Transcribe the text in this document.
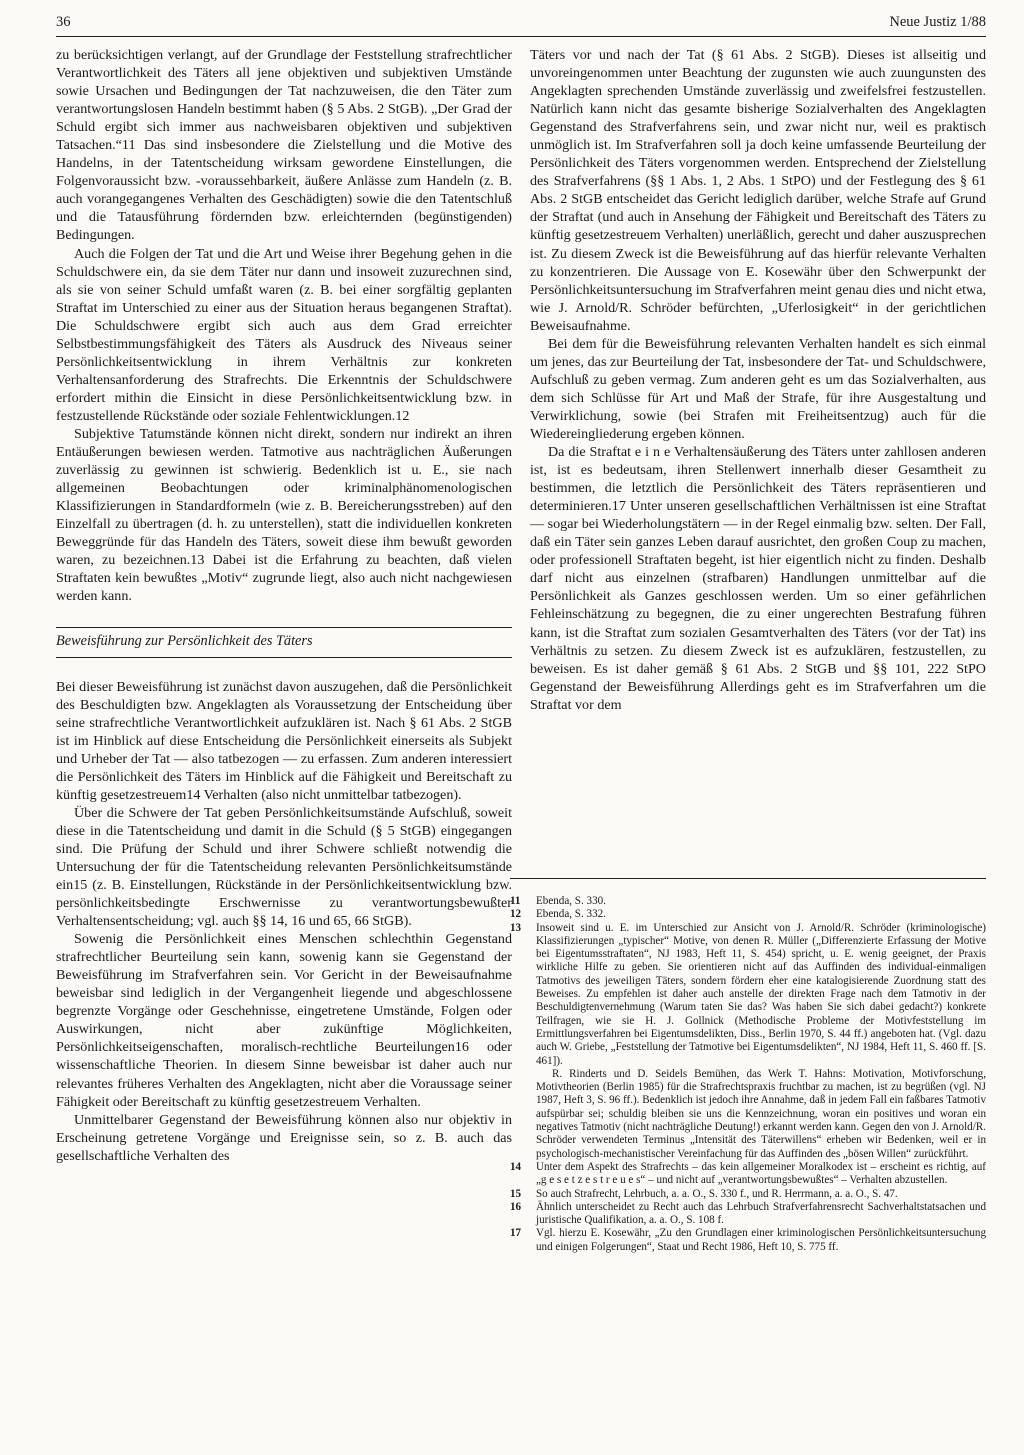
36	Neue Justiz 1/88

zu berücksichtigen verlangt, auf der Grundlage der Feststellung strafrechtlicher Verantwortlichkeit des Täters all jene objektiven und subjektiven Umstände sowie Ursachen und Bedingungen der Tat nachzuweisen, die den Täter zum verantwortungslosen Handeln bestimmt haben (§ 5 Abs. 2 StGB). „Der Grad der Schuld ergibt sich immer aus nachweisbaren objektiven und subjektiven Tatsachen.“11 Das sind insbesondere die Zielstellung und die Motive des Handelns, in der Tatentscheidung wirksam gewordene Einstellungen, die Folgenvoraussicht bzw. -voraussehbarkeit, äußere Anlässe zum Handeln (z. B. auch vorangegangenes Verhalten des Geschädigten) sowie die den Tatentschluß und die Tatausführung fördernden bzw. erleichternden (begünstigenden) Bedingungen.

Auch die Folgen der Tat und die Art und Weise ihrer Begehung gehen in die Schuldschwere ein, da sie dem Täter nur dann und insoweit zuzurechnen sind, als sie von seiner Schuld umfaßt waren (z. B. bei einer sorgfältig geplanten Straftat im Unterschied zu einer aus der Situation heraus begangenen Straftat). Die Schuldschwere ergibt sich auch aus dem Grad erreichter Selbstbestimmungsfähigkeit des Täters als Ausdruck des Niveaus seiner Persönlichkeitsentwicklung in ihrem Verhältnis zur konkreten Verhaltensanforderung des Strafrechts. Die Erkenntnis der Schuldschwere erfordert mithin die Einsicht in diese Persönlichkeitsentwicklung bzw. in festzustellende Rückstände oder soziale Fehlentwicklungen.12

Subjektive Tatumstände können nicht direkt, sondern nur indirekt an ihren Entäußerungen bewiesen werden. Tatmotive aus nachträglichen Äußerungen zuverlässig zu gewinnen ist schwierig. Bedenklich ist u. E., sie nach allgemeinen Beobachtungen oder kriminalphänomenologischen Klassifizierungen in Standardformeln (wie z. B. Bereicherungsstreben) auf den Einzelfall zu übertragen (d. h. zu unterstellen), statt die individuellen konkreten Beweggründe für das Handeln des Täters, soweit diese ihm bewußt geworden waren, zu bezeichnen.13 Dabei ist die Erfahrung zu beachten, daß vielen Straftaten kein bewußtes „Motiv“ zugrunde liegt, also auch nicht nachgewiesen werden kann.

Beweisführung zur Persönlichkeit des Täters

Bei dieser Beweisführung ist zunächst davon auszugehen, daß die Persönlichkeit des Beschuldigten bzw. Angeklagten als Voraussetzung der Entscheidung über seine strafrechtliche Verantwortlichkeit aufzuklären ist. Nach § 61 Abs. 2 StGB ist im Hinblick auf diese Entscheidung die Persönlichkeit einerseits als Subjekt und Urheber der Tat — also tatbezogen — zu erfassen. Zum anderen interessiert die Persönlichkeit des Täters im Hinblick auf die Fähigkeit und Bereitschaft zu künftig gesetzestreuem14 Verhalten (also nicht unmittelbar tatbezogen).

Über die Schwere der Tat geben Persönlichkeitsumstände Aufschluß, soweit diese in die Tatentscheidung und damit in die Schuld (§ 5 StGB) eingegangen sind. Die Prüfung der Schuld und ihrer Schwere schließt notwendig die Untersuchung der für die Tatentscheidung relevanten Persönlichkeitsumstände ein15 (z. B. Einstellungen, Rückstände in der Persönlichkeitsentwicklung bzw. persönlichkeitsbedingte Erschwernisse zu verantwortungsbewußter Verhaltensentscheidung; vgl. auch §§ 14, 16 und 65, 66 StGB).

Sowenig die Persönlichkeit eines Menschen schlechthin Gegenstand strafrechtlicher Beurteilung sein kann, sowenig kann sie Gegenstand der Beweisführung im Strafverfahren sein. Vor Gericht in der Beweisaufnahme beweisbar sind lediglich in der Vergangenheit liegende und abgeschlossene begrenzte Vorgänge oder Geschehnisse, eingetretene Umstände, Folgen oder Auswirkungen, nicht aber zukünftige Möglichkeiten, Persönlichkeitseigenschaften, moralisch-rechtliche Beurteilungen16 oder wissenschaftliche Theorien. In diesem Sinne beweisbar ist daher auch nur relevantes früheres Verhalten des Angeklagten, nicht aber die Voraussage seiner Fähigkeit oder Bereitschaft zu künftig gesetzestreuem Verhalten.

Unmittelbarer Gegenstand der Beweisführung können also nur objektiv in Erscheinung getretene Vorgänge und Ereignisse sein, so z. B. auch das gesellschaftliche Verhalten des

Täters vor und nach der Tat (§ 61 Abs. 2 StGB). Dieses ist allseitig und unvoreingenommen unter Beachtung der zugunsten wie auch zuungunsten des Angeklagten sprechenden Umstände zuverlässig und zweifelsfrei festzustellen. Natürlich kann nicht das gesamte bisherige Sozialverhalten des Angeklagten Gegenstand des Strafverfahrens sein, und zwar nicht nur, weil es praktisch unmöglich ist. Im Strafverfahren soll ja doch keine umfassende Beurteilung der Persönlichkeit des Täters vorgenommen werden. Entsprechend der Zielstellung des Strafverfahrens (§§ 1 Abs. 1, 2 Abs. 1 StPO) und der Festlegung des § 61 Abs. 2 StGB entscheidet das Gericht lediglich darüber, welche Strafe auf Grund der Straftat (und auch in Ansehung der Fähigkeit und Bereitschaft des Täters zu künftig gesetzestreuem Verhalten) unerläßlich, gerecht und daher auszusprechen ist. Zu diesem Zweck ist die Beweisführung auf das hierfür relevante Verhalten zu konzentrieren. Die Aussage von E. Kosewähr über den Schwerpunkt der Persönlichkeitsuntersuchung im Strafverfahren meint genau dies und nicht etwa, wie J. Arnold/R. Schröder befürchten, „Uferlosigkeit“ in der gerichtlichen Beweisaufnahme.

Bei dem für die Beweisführung relevanten Verhalten handelt es sich einmal um jenes, das zur Beurteilung der Tat, insbesondere der Tat- und Schuldschwere, Aufschluß zu geben vermag. Zum anderen geht es um das Sozialverhalten, aus dem sich Schlüsse für Art und Maß der Strafe, für ihre Ausgestaltung und Verwirklichung, sowie (bei Strafen mit Freiheitsentzug) auch für die Wiedereingliederung ergeben können.

Da die Straftat e i n e Verhaltensäußerung des Täters unter zahllosen anderen ist, ist es bedeutsam, ihren Stellenwert innerhalb dieser Gesamtheit zu bestimmen, die letztlich die Persönlichkeit des Täters repräsentieren und determinieren.17 Unter unseren gesellschaftlichen Verhältnissen ist eine Straftat — sogar bei Wiederholungstätern — in der Regel einmalig bzw. selten. Der Fall, daß ein Täter sein ganzes Leben darauf ausrichtet, den großen Coup zu machen, oder professionell Straftaten begeht, ist hier eigentlich nicht zu finden. Deshalb darf nicht aus einzelnen (strafbaren) Handlungen unmittelbar auf die Persönlichkeit als Ganzes geschlossen werden. Um so einer gefährlichen Fehleinschätzung zu begegnen, die zu einer ungerechten Bestrafung führen kann, ist die Straftat zum sozialen Gesamtverhalten des Täters (vor der Tat) ins Verhältnis zu setzen. Zu diesem Zweck ist es aufzuklären, festzustellen, zu beweisen. Es ist daher gemäß § 61 Abs. 2 StGB und §§ 101, 222 StPO Gegenstand der Beweisführung Allerdings geht es im Strafverfahren um die Straftat vor dem

11	Ebenda, S. 330.
12	Ebenda, S. 332.
13	Insoweit sind u. E. im Unterschied zur Ansicht von J. Arnold/R. Schröder (kriminologische) Klassifizierungen „typischer“ Motive, von denen R. Müller („Differenzierte Erfassung der Motive bei Eigentumsstraftaten“, NJ 1983, Heft 11, S. 454) spricht, u. E. wenig geeignet, der Praxis wirkliche Hilfe zu geben. Sie orientieren nicht auf das Auffinden des individual-einmaligen Tatmotivs des jeweiligen Täters, sondern fördern eher eine katalogisierende Zuordnung statt des Beweises. Zu empfehlen ist daher auch anstelle der direkten Frage nach dem Tatmotiv in der Beschuldigtenvernehmung (Warum taten Sie das? Was haben Sie sich dabei gedacht?) konkrete Teilfragen, wie sie H. J. Gollnick (Methodische Probleme der Motivfeststellung im Ermittlungsverfahren bei Eigentumsdelikten, Diss., Berlin 1970, S. 44 ff.) angeboten hat. (Vgl. dazu auch W. Griebe, „Feststellung der Tatmotive bei Eigentumsdelikten“, NJ 1984, Heft 11, S. 460 ff. [S. 461]).
R. Rinderts und D. Seidels Bemühen, das Werk T. Hahns: Motivation, Motivforschung, Motivtheorien (Berlin 1985) für die Strafrechtspraxis fruchtbar zu machen, ist zu begrüßen (vgl. NJ 1987, Heft 3, S. 96 ff.). Bedenklich ist jedoch ihre Annahme, daß in jedem Fall ein faßbares Tatmotiv aufspürbar sei; schuldig bleiben sie uns die Kennzeichnung, woran ein positives und woran ein negatives Tatmotiv (nicht nachträgliche Deutung!) erkannt werden kann. Gegen den von J. Arnold/R. Schröder verwendeten Terminus „Intensität des Täterwillens“ erheben wir Bedenken, weil er in psychologisch-mechanistischer Vereinfachung für das Auffinden des „bösen Willen“ zurückführt.
14	Unter dem Aspekt des Strafrechts – das kein allgemeiner Moralkodex ist – erscheint es richtig, auf „g e s e t z e s t r e u e s“ – und nicht auf „verantwortungsbewußtes“ – Verhalten abzustellen.
15	So auch Strafrecht, Lehrbuch, a. a. O., S. 330 f., und R. Herrmann, a. a. O., S. 47.
16	Ähnlich unterscheidet zu Recht auch das Lehrbuch Strafverfahrensrecht Sachverhaltstatsachen und juristische Qualifikation, a. a. O., S. 108 f.
17	Vgl. hierzu E. Kosewähr, „Zu den Grundlagen einer kriminologischen Persönlichkeitsuntersuchung und einigen Folgerungen“, Staat und Recht 1986, Heft 10, S. 775 ff.
